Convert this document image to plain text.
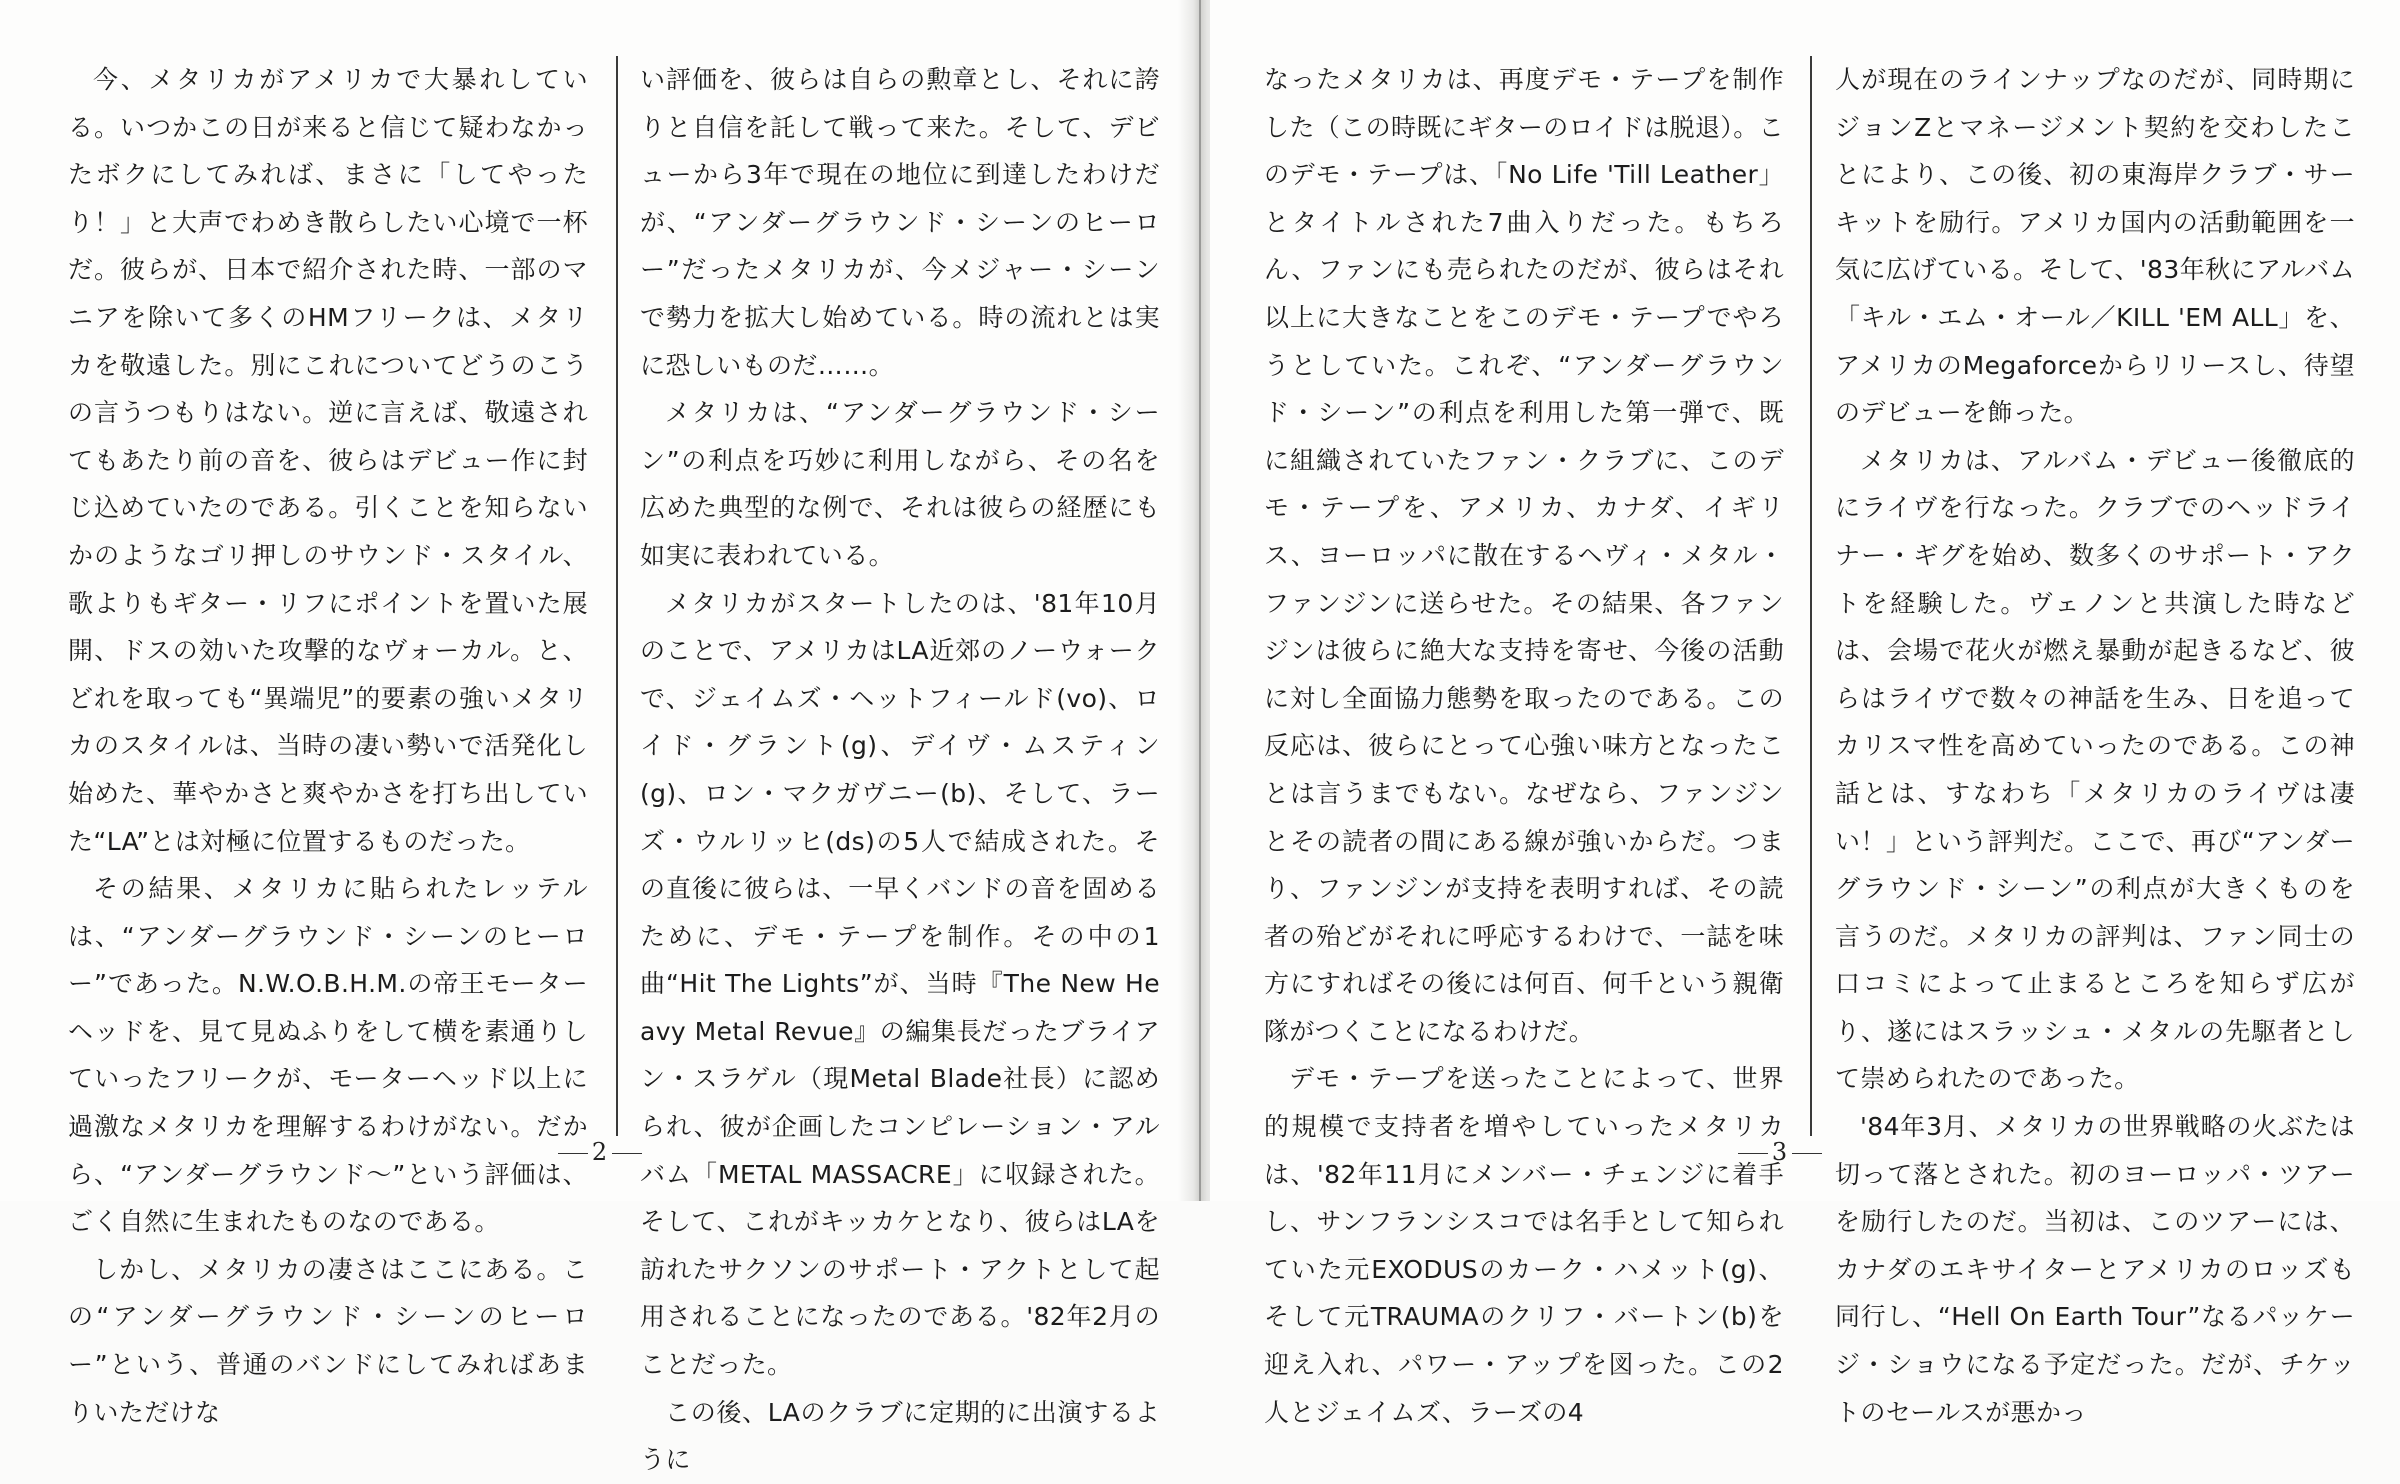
今、メタリカがアメリカで大暴れしている。いつかこの日が来ると信じて疑わなかったボクにしてみれば、まさに「してやったり！」と大声でわめき散らしたい心境で一杯だ。彼らが、日本で紹介された時、一部のマニアを除いて多くのHMフリークは、メタリカを敬遠した。別にこれについてどうのこうの言うつもりはない。逆に言えば、敬遠されてもあたり前の音を、彼らはデビュー作に封じ込めていたのである。引くことを知らないかのようなゴリ押しのサウンド・スタイル、歌よりもギター・リフにポイントを置いた展開、ドスの効いた攻撃的なヴォーカル。と、どれを取っても“異端児”的要素の強いメタリカのスタイルは、当時の凄い勢いで活発化し始めた、華やかさと爽やかさを打ち出していた“LA”とは対極に位置するものだった。

その結果、メタリカに貼られたレッテルは、“アンダーグラウンド・シーンのヒーロー”であった。N.W.O.B.H.M.の帝王モーターヘッドを、見て見ぬふりをして横を素通りしていったフリークが、モーターヘッド以上に過激なメタリカを理解するわけがない。だから、“アンダーグラウンド〜”という評価は、ごく自然に生まれたものなのである。

しかし、メタリカの凄さはここにある。この“アンダーグラウンド・シーンのヒーロー”という、普通のバンドにしてみればあまりいただけな

い評価を、彼らは自らの勲章とし、それに誇りと自信を託して戦って来た。そして、デビューから3年で現在の地位に到達したわけだが、“アンダーグラウンド・シーンのヒーロー”だったメタリカが、今メジャー・シーンで勢力を拡大し始めている。時の流れとは実に恐しいものだ……。

メタリカは、“アンダーグラウンド・シーン”の利点を巧妙に利用しながら、その名を広めた典型的な例で、それは彼らの経歴にも如実に表われている。

メタリカがスタートしたのは、'81年10月のことで、アメリカはLA近郊のノーウォークで、ジェイムズ・ヘットフィールド(vo)、ロイド・グラント(g)、デイヴ・ムスティン(g)、ロン・マクガヴニー(b)、そして、ラーズ・ウルリッヒ(ds)の5人で結成された。その直後に彼らは、一早くバンドの音を固めるために、デモ・テープを制作。その中の1曲“Hit The Lights”が、当時『The New Heavy Metal Revue』の編集長だったブライアン・スラゲル（現Metal Blade社長）に認められ、彼が企画したコンピレーション・アルバム「METAL MASSACRE」に収録された。そして、これがキッカケとなり、彼らはLAを訪れたサクソンのサポート・アクトとして起用されることになったのである。'82年2月のことだった。

この後、LAのクラブに定期的に出演するように

2

なったメタリカは、再度デモ・テープを制作した（この時既にギターのロイドは脱退）。このデモ・テープは、「No Life 'Till Leather」とタイトルされた7曲入りだった。もちろん、ファンにも売られたのだが、彼らはそれ以上に大きなことをこのデモ・テープでやろうとしていた。これぞ、“アンダーグラウンド・シーン”の利点を利用した第一弾で、既に組織されていたファン・クラブに、このデモ・テープを、アメリカ、カナダ、イギリス、ヨーロッパに散在するヘヴィ・メタル・ファンジンに送らせた。その結果、各ファンジンは彼らに絶大な支持を寄せ、今後の活動に対し全面協力態勢を取ったのである。この反応は、彼らにとって心強い味方となったことは言うまでもない。なぜなら、ファンジンとその読者の間にある線が強いからだ。つまり、ファンジンが支持を表明すれば、その読者の殆どがそれに呼応するわけで、一誌を味方にすればその後には何百、何千という親衛隊がつくことになるわけだ。

デモ・テープを送ったことによって、世界的規模で支持者を増やしていったメタリカは、'82年11月にメンバー・チェンジに着手し、サンフランシスコでは名手として知られていた元EXODUSのカーク・ハメット(g)、そして元TRAUMAのクリフ・バートン(b)を迎え入れ、パワー・アップを図った。この2人とジェイムズ、ラーズの4

人が現在のラインナップなのだが、同時期にジョンZとマネージメント契約を交わしたことにより、この後、初の東海岸クラブ・サーキットを励行。アメリカ国内の活動範囲を一気に広げている。そして、'83年秋にアルバム「キル・エム・オール／KILL 'EM ALL」を、アメリカのMegaforceからリリースし、待望のデビューを飾った。

メタリカは、アルバム・デビュー後徹底的にライヴを行なった。クラブでのヘッドライナー・ギグを始め、数多くのサポート・アクトを経験した。ヴェノンと共演した時などは、会場で花火が燃え暴動が起きるなど、彼らはライヴで数々の神話を生み、日を追ってカリスマ性を高めていったのである。この神話とは、すなわち「メタリカのライヴは凄い！」という評判だ。ここで、再び“アンダーグラウンド・シーン”の利点が大きくものを言うのだ。メタリカの評判は、ファン同士の口コミによって止まるところを知らず広がり、遂にはスラッシュ・メタルの先駆者として崇められたのであった。

'84年3月、メタリカの世界戦略の火ぶたは切って落とされた。初のヨーロッパ・ツアーを励行したのだ。当初は、このツアーには、カナダのエキサイターとアメリカのロッズも同行し、“Hell On Earth Tour”なるパッケージ・ショウになる予定だった。だが、チケットのセールスが悪かっ

3
